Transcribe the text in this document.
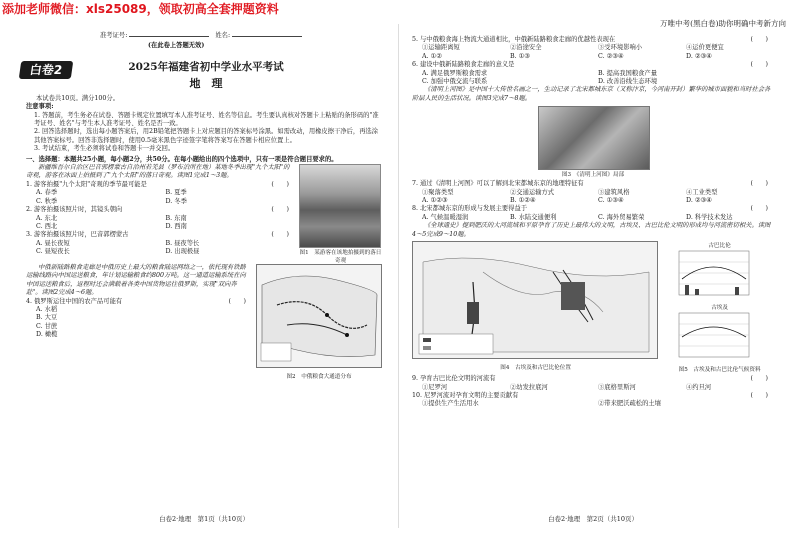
添加老师微信：xls25089，领取初高全套押题资料
万唯中考(黑白卷)助你明确中考新方向
准考证号:	姓名:
(在此卷上答题无效)
白卷2	2025年福建省初中学业水平考试
地　理

本试卷共10页。满分100分。

注意事项:

1. 答题前，考生务必在试卷、答题卡规定位置填写本人准考证号、姓名等信息。考生要认真核对答题卡上粘贴的条形码的"准考证号、姓名"与考生本人准考证号、姓名是否一致。

2. 回答选择题时，选出每小题答案后，用2B铅笔把答题卡上对应题目的答案标号涂黑。如需改动，用橡皮擦干净后，再选涂其他答案标号。回答非选择题时，使用0.5毫米黑色字迹签字笔将答案写在答题卡相应位置上。

3. 考试结束，考生必须将试卷和答题卡一并交回。

一、选择题：本题共25小题，每小题2分，共50分。在每小题给出的四个选项中，只有一项是符合题目要求的。

新疆维吾尔自治区巴音郭楞蒙古自治州若羌县（罗布泊所在地）某地冬季出现"九个太阳"的奇观，游客在冰面上拍摄到了"九个太阳"的落日奇观。读图1完成1～3题。

1. 游客拍摄"九个太阳"奇观的季节最可能是	(　　)

A. 春季	B. 夏季
C. 秋季	D. 冬季

2. 游客拍摄该照片时，其镜头朝向	(　　)

A. 东北	B. 东南
C. 西北	D. 西南

3. 游客拍摄该照片时，巴音郭楞蒙古	(　　)

A. 昼长夜短	B. 昼夜等长
C. 昼短夜长	D. 出现极昼	图1　某游客在该地拍摄到的落日奇观

中俄新陆路粮食走廊是中俄历史上最大的粮食陆运网络之一，依托现有铁路运输线路向中国运送粮食，年计划运输粮食约800万吨。这一通道运输系统在向中国运送粮食后，返程时还会满载着各类中国货物运往俄罗斯，实现"双向奔赴"。读图2完成4～6题。

4. 俄罗斯运往中国的农产品可能有	(　　)

A. 水稻
B. 大豆
C. 甘蔗
D. 橄榄
图2　中俄粮食大通道分布
白卷2·地理　第1页（共10页）

5. 与中俄粮食海上物流大通道相比，中俄新陆路粮食走廊的优越性表现在	(　　)

①运输距离短	②沿途安全	③受环境影响小	④运价更便宜
A. ①②	B. ①③	C. ②③④	D. ②③④

6. 建设中俄新陆路粮食走廊的意义是	(　　)

A. 满足俄罗斯粮食需求	B. 提高我国粮食产量
C. 加强中俄交流与联系	D. 改善沿线生态环境

《清明上河图》是中国十大传世名画之一，生动记录了北宋都城东京（又称汴京，今河南开封）繁华的城市面貌和当时社会各阶层人民的生活状况。读图3完成7～8题。

图3　《清明上河图》局部

7. 通过《清明上河图》可以了解到北宋都城东京的地理特征有	(　　)

①聚落类型	②交通运输方式	③建筑风格	④工业类型
A. ①②③	B. ①②④	C. ①③④	D. ②③④

8. 北宋都城东京的形成与发展主要得益于	(　　)

A. 气候温暖湿润	B. 水陆交通便利	C. 海外贸易繁荣	D. 科学技术发达

《全球通史》提到肥沃的大河流域和平原孕育了历史上最伟大的文明，古埃及、古巴比伦文明的形成均与河流密切相关。读图4～5完成9～10题。

图4　古埃及和古巴比伦位置
古巴比伦
古埃及
图5　古埃及和古巴比伦气候资料

9. 孕育古巴比伦文明的河流有	(　　)

①尼罗河	②幼发拉底河	③底格里斯河	④约旦河

10. 尼罗河流对孕育文明的主要贡献有	(　　)

①提供生产生活用水	②带来肥沃疏松的土壤
白卷2·地理　第2页（共10页）
